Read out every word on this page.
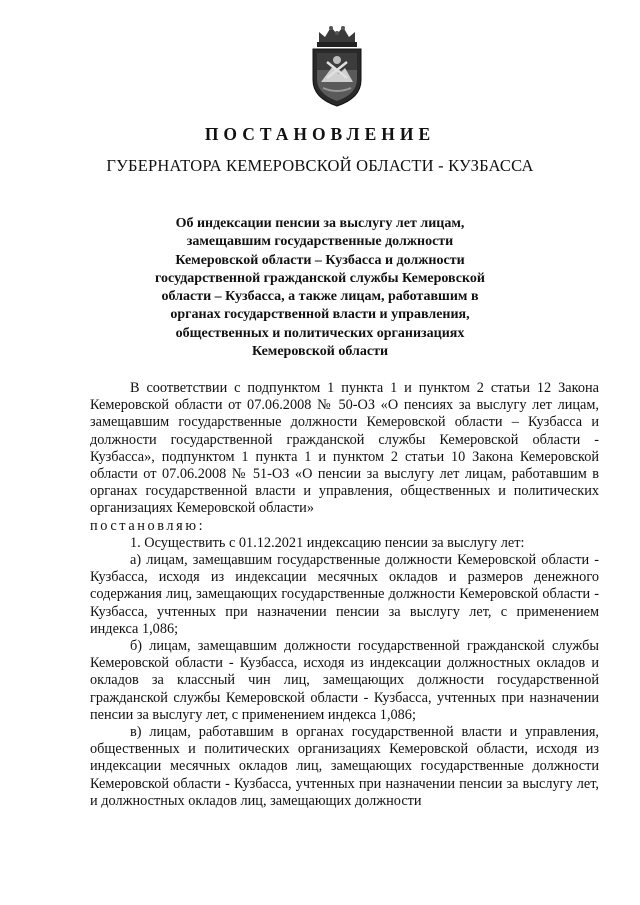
ПОСТАНОВЛЕНИЕ
ГУБЕРНАТОРА КЕМЕРОВСКОЙ ОБЛАСТИ - КУЗБАССА
Об индексации пенсии за выслугу лет лицам,
замещавшим государственные должности
Кемеровской области – Кузбасса и должности
государственной гражданской службы Кемеровской
области – Кузбасса, а также лицам, работавшим в
органах государственной власти и управления,
общественных и политических организациях
Кемеровской области

В соответствии с подпунктом 1 пункта 1 и пунктом 2 статьи 12 Закона Кемеровской области от 07.06.2008 № 50-ОЗ «О пенсиях за выслугу лет лицам, замещавшим государственные должности Кемеровской области – Кузбасса и должности государственной гражданской службы Кемеровской области - Кузбасса», подпунктом 1 пункта 1 и пунктом 2 статьи 10 Закона Кемеровской области от 07.06.2008 № 51-ОЗ «О пенсии за выслугу лет лицам, работавшим в органах государственной власти и управления, общественных и политических организациях Кемеровской области»

постановляю:

1. Осуществить с 01.12.2021 индексацию пенсии за выслугу лет:

а) лицам, замещавшим государственные должности Кемеровской области - Кузбасса, исходя из индексации месячных окладов и размеров денежного содержания лиц, замещающих государственные должности Кемеровской области - Кузбасса, учтенных при назначении пенсии за выслугу лет, с применением индекса 1,086;

б) лицам, замещавшим должности государственной гражданской службы Кемеровской области - Кузбасса, исходя из индексации должностных окладов и окладов за классный чин лиц, замещающих должности государственной гражданской службы Кемеровской области - Кузбасса, учтенных при назначении пенсии за выслугу лет, с применением индекса 1,086;

в) лицам, работавшим в органах государственной власти и управления, общественных и политических организациях Кемеровской области, исходя из индексации месячных окладов лиц, замещающих государственные должности Кемеровской области - Кузбасса, учтенных при назначении пенсии за выслугу лет, и должностных окладов лиц, замещающих должности
